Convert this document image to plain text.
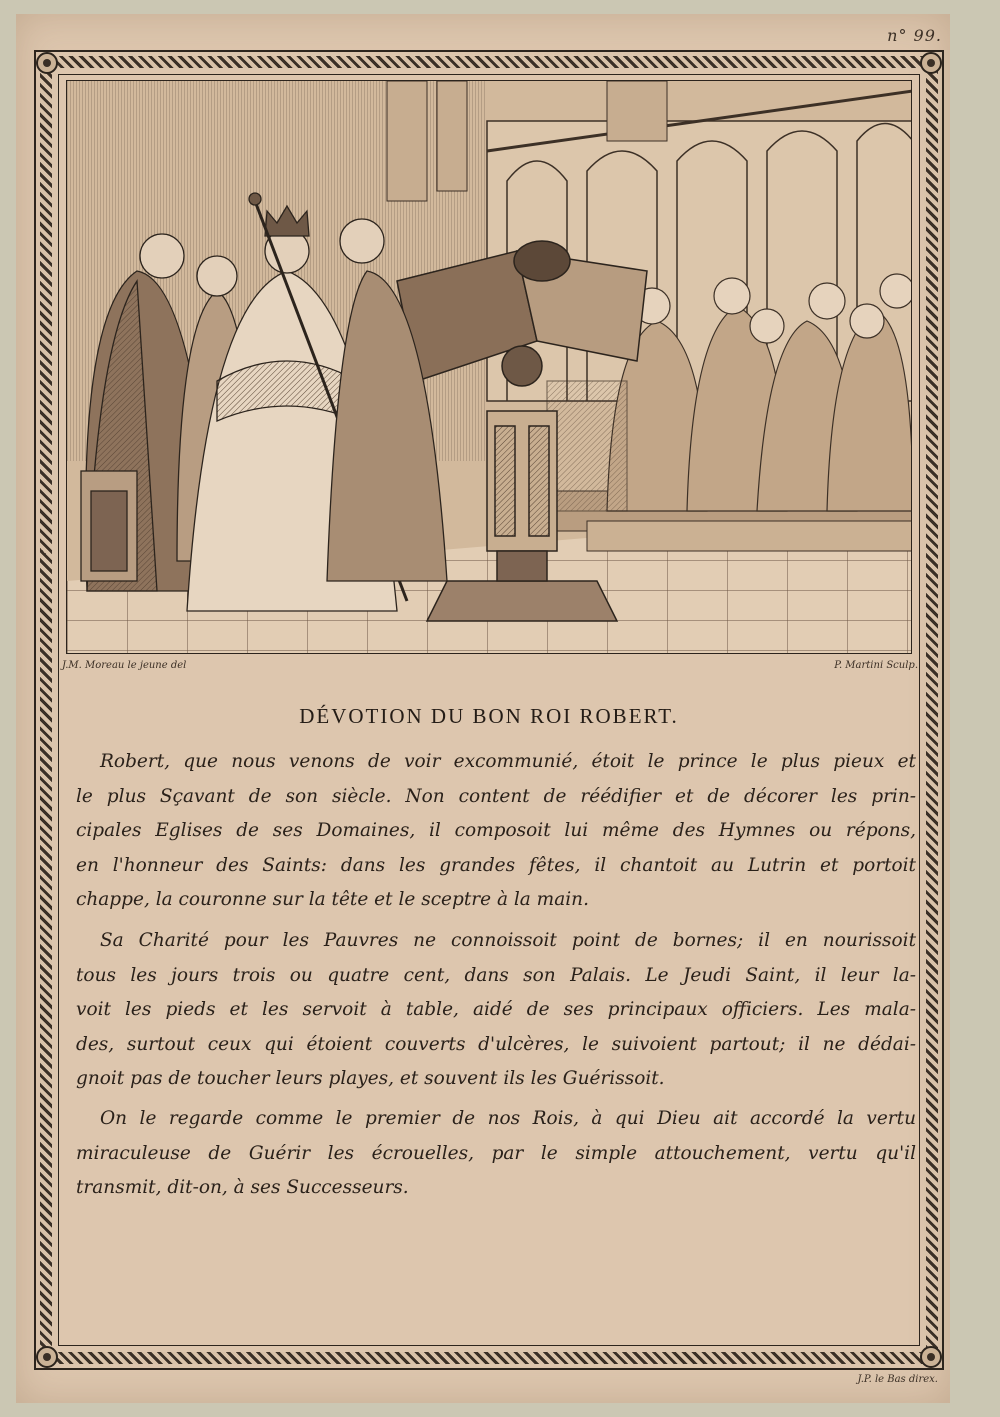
n° 99.
J.M. Moreau le jeune del	P. Martini Sculp.
DÉVOTION DU BON ROI ROBERT.
Robert, que nous venons de voir excommunié, étoit le prince le plus pieux et
le plus Sçavant de son siècle. Non content de réédifier et de décorer les prin-
cipales Eglises de ses Domaines, il composoit lui même des Hymnes ou répons,
en l'honneur des Saints: dans les grandes fêtes, il chantoit au Lutrin et portoit
chappe, la couronne sur la tête et le sceptre à la main.
Sa Charité pour les Pauvres ne connoissoit point de bornes; il en nourissoit
tous les jours trois ou quatre cent, dans son Palais. Le Jeudi Saint, il leur la-
voit les pieds et les servoit à table, aidé de ses principaux officiers. Les mala-
des, surtout ceux qui étoient couverts d'ulcères, le suivoient partout; il ne dédai-
gnoit pas de toucher leurs playes, et souvent ils les Guérissoit.
On le regarde comme le premier de nos Rois, à qui Dieu ait accordé la vertu
miraculeuse de Guérir les écrouelles, par le simple attouchement, vertu qu'il
transmit, dit-on, à ses Successeurs.
J.P. le Bas direx.
